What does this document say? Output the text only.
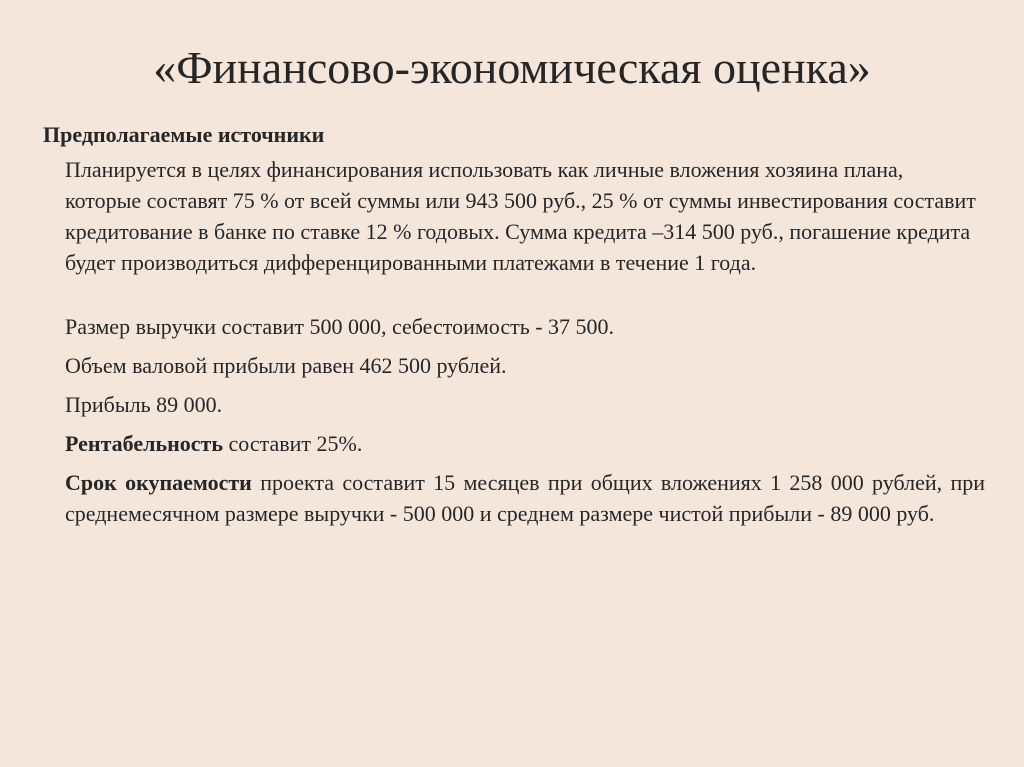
«Финансово-экономическая оценка»

Предполагаемые источники

Планируется в целях финансирования использовать как личные вложения хозяина плана, которые составят 75 % от всей суммы или 943 500 руб., 25 % от суммы инвестирования составит кредитование в банке по ставке 12 % годовых. Сумма кредита –314 500 руб., погашение кредита будет производиться дифференцированными платежами в течение 1 года.

Размер выручки составит 500 000, себестоимость - 37 500.

Объем валовой прибыли равен 462 500 рублей.

Прибыль 89 000.

Рентабельность составит 25%.

Срок окупаемости проекта составит 15 месяцев при общих вложениях 1 258 000 рублей, при среднемесячном размере выручки - 500 000 и среднем размере чистой прибыли - 89 000 руб.
